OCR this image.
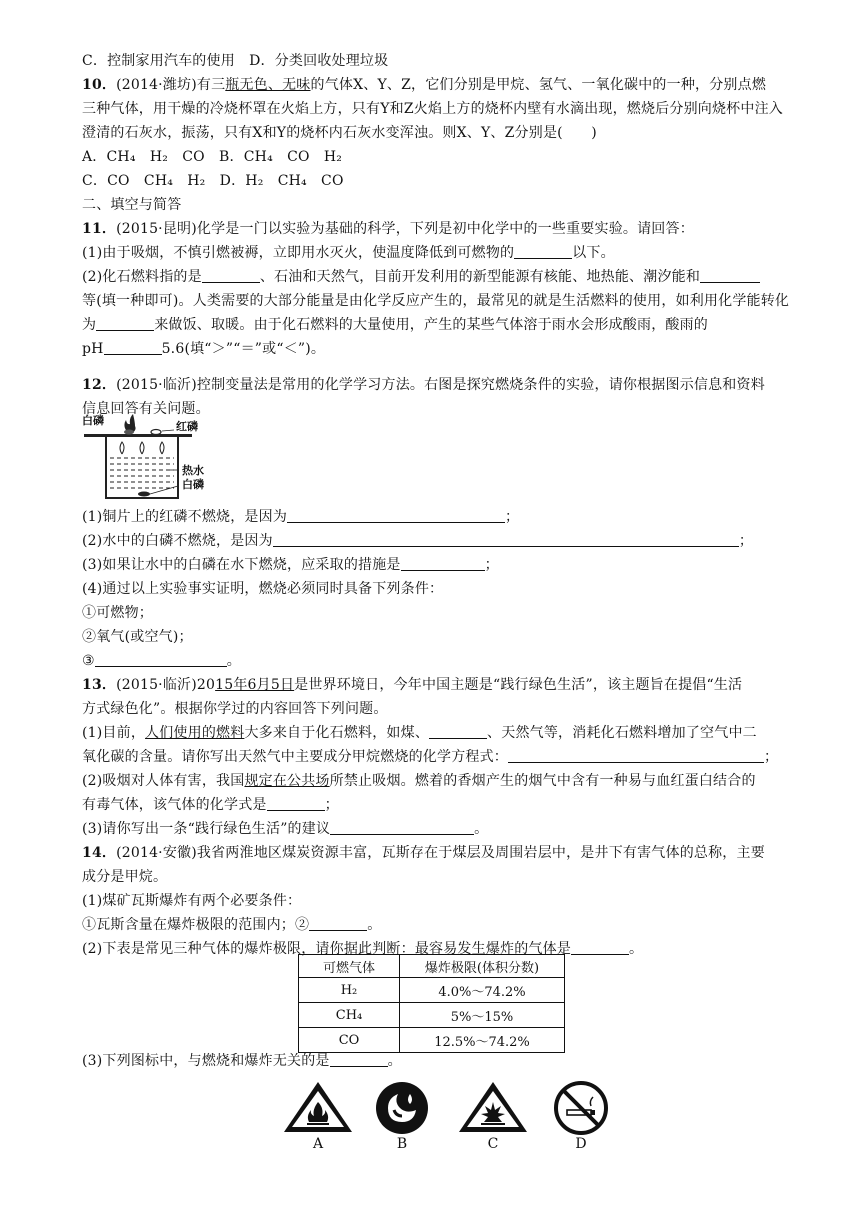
C．控制家用汽车的使用　D．分类回收处理垃圾
10．(2014·潍坊)有三瓶无色、无味的气体X、Y、Z，它们分别是甲烷、氢气、一氧化碳中的一种，分别点燃
三种气体，用干燥的冷烧杯罩在火焰上方，只有Y和Z火焰上方的烧杯内壁有水滴出现，燃烧后分别向烧杯中注入
澄清的石灰水，振荡，只有X和Y的烧杯内石灰水变浑浊。则X、Y、Z分别是(　　)
A．CH₄　H₂　CO　B．CH₄　CO　H₂
C．CO　CH₄　H₂　D．H₂　CH₄　CO
二、填空与简答
11．(2015·昆明)化学是一门以实验为基础的科学，下列是初中化学中的一些重要实验。请回答：
(1)由于吸烟，不慎引燃被褥，立即用水灭火，使温度降低到可燃物的	以下。
(2)化石燃料指的是	、石油和天然气，目前开发利用的新型能源有核能、地热能、潮汐能和
等(填一种即可)。人类需要的大部分能量是由化学反应产生的，最常见的就是生活燃料的使用，如利用化学能转化
为	来做饭、取暖。由于化石燃料的大量使用，产生的某些气体溶于雨水会形成酸雨，酸雨的
pH	5.6(填“＞”“＝”或“＜”)。
12．(2015·临沂)控制变量法是常用的化学学习方法。右图是探究燃烧条件的实验，请你根据图示信息和资料
信息回答有关问题。
白磷	红磷
热水
白磷
(1)铜片上的红磷不燃烧，是因为	；
(2)水中的白磷不燃烧，是因为	；
(3)如果让水中的白磷在水下燃烧，应采取的措施是	；
(4)通过以上实验事实证明，燃烧必须同时具备下列条件：
①可燃物；
②氧气(或空气)；
③	。
13．(2015·临沂)2015年6月5日是世界环境日，今年中国主题是“践行绿色生活”，该主题旨在提倡“生活
方式绿色化”。根据你学过的内容回答下列问题。
(1)目前，人们使用的燃料大多来自于化石燃料，如煤、	、天然气等，消耗化石燃料增加了空气中二
氧化碳的含量。请你写出天然气中主要成分甲烷燃烧的化学方程式：	；
(2)吸烟对人体有害，我国规定在公共场所禁止吸烟。燃着的香烟产生的烟气中含有一种易与血红蛋白结合的
有毒气体，该气体的化学式是	；
(3)请你写出一条“践行绿色生活”的建议	。
14．(2014·安徽)我省两淮地区煤炭资源丰富，瓦斯存在于煤层及周围岩层中，是井下有害气体的总称，主要
成分是甲烷。
(1)煤矿瓦斯爆炸有两个必要条件：
①瓦斯含量在爆炸极限的范围内；②	。
(2)下表是常见三种气体的爆炸极限，请你据此判断：最容易发生爆炸的气体是	。
可燃气体	爆炸极限(体积分数)
H₂	4.0%～74.2%
CH₄	5%～15%
CO	12.5%～74.2%
(3)下列图标中，与燃烧和爆炸无关的是	。
A	B	C	D
